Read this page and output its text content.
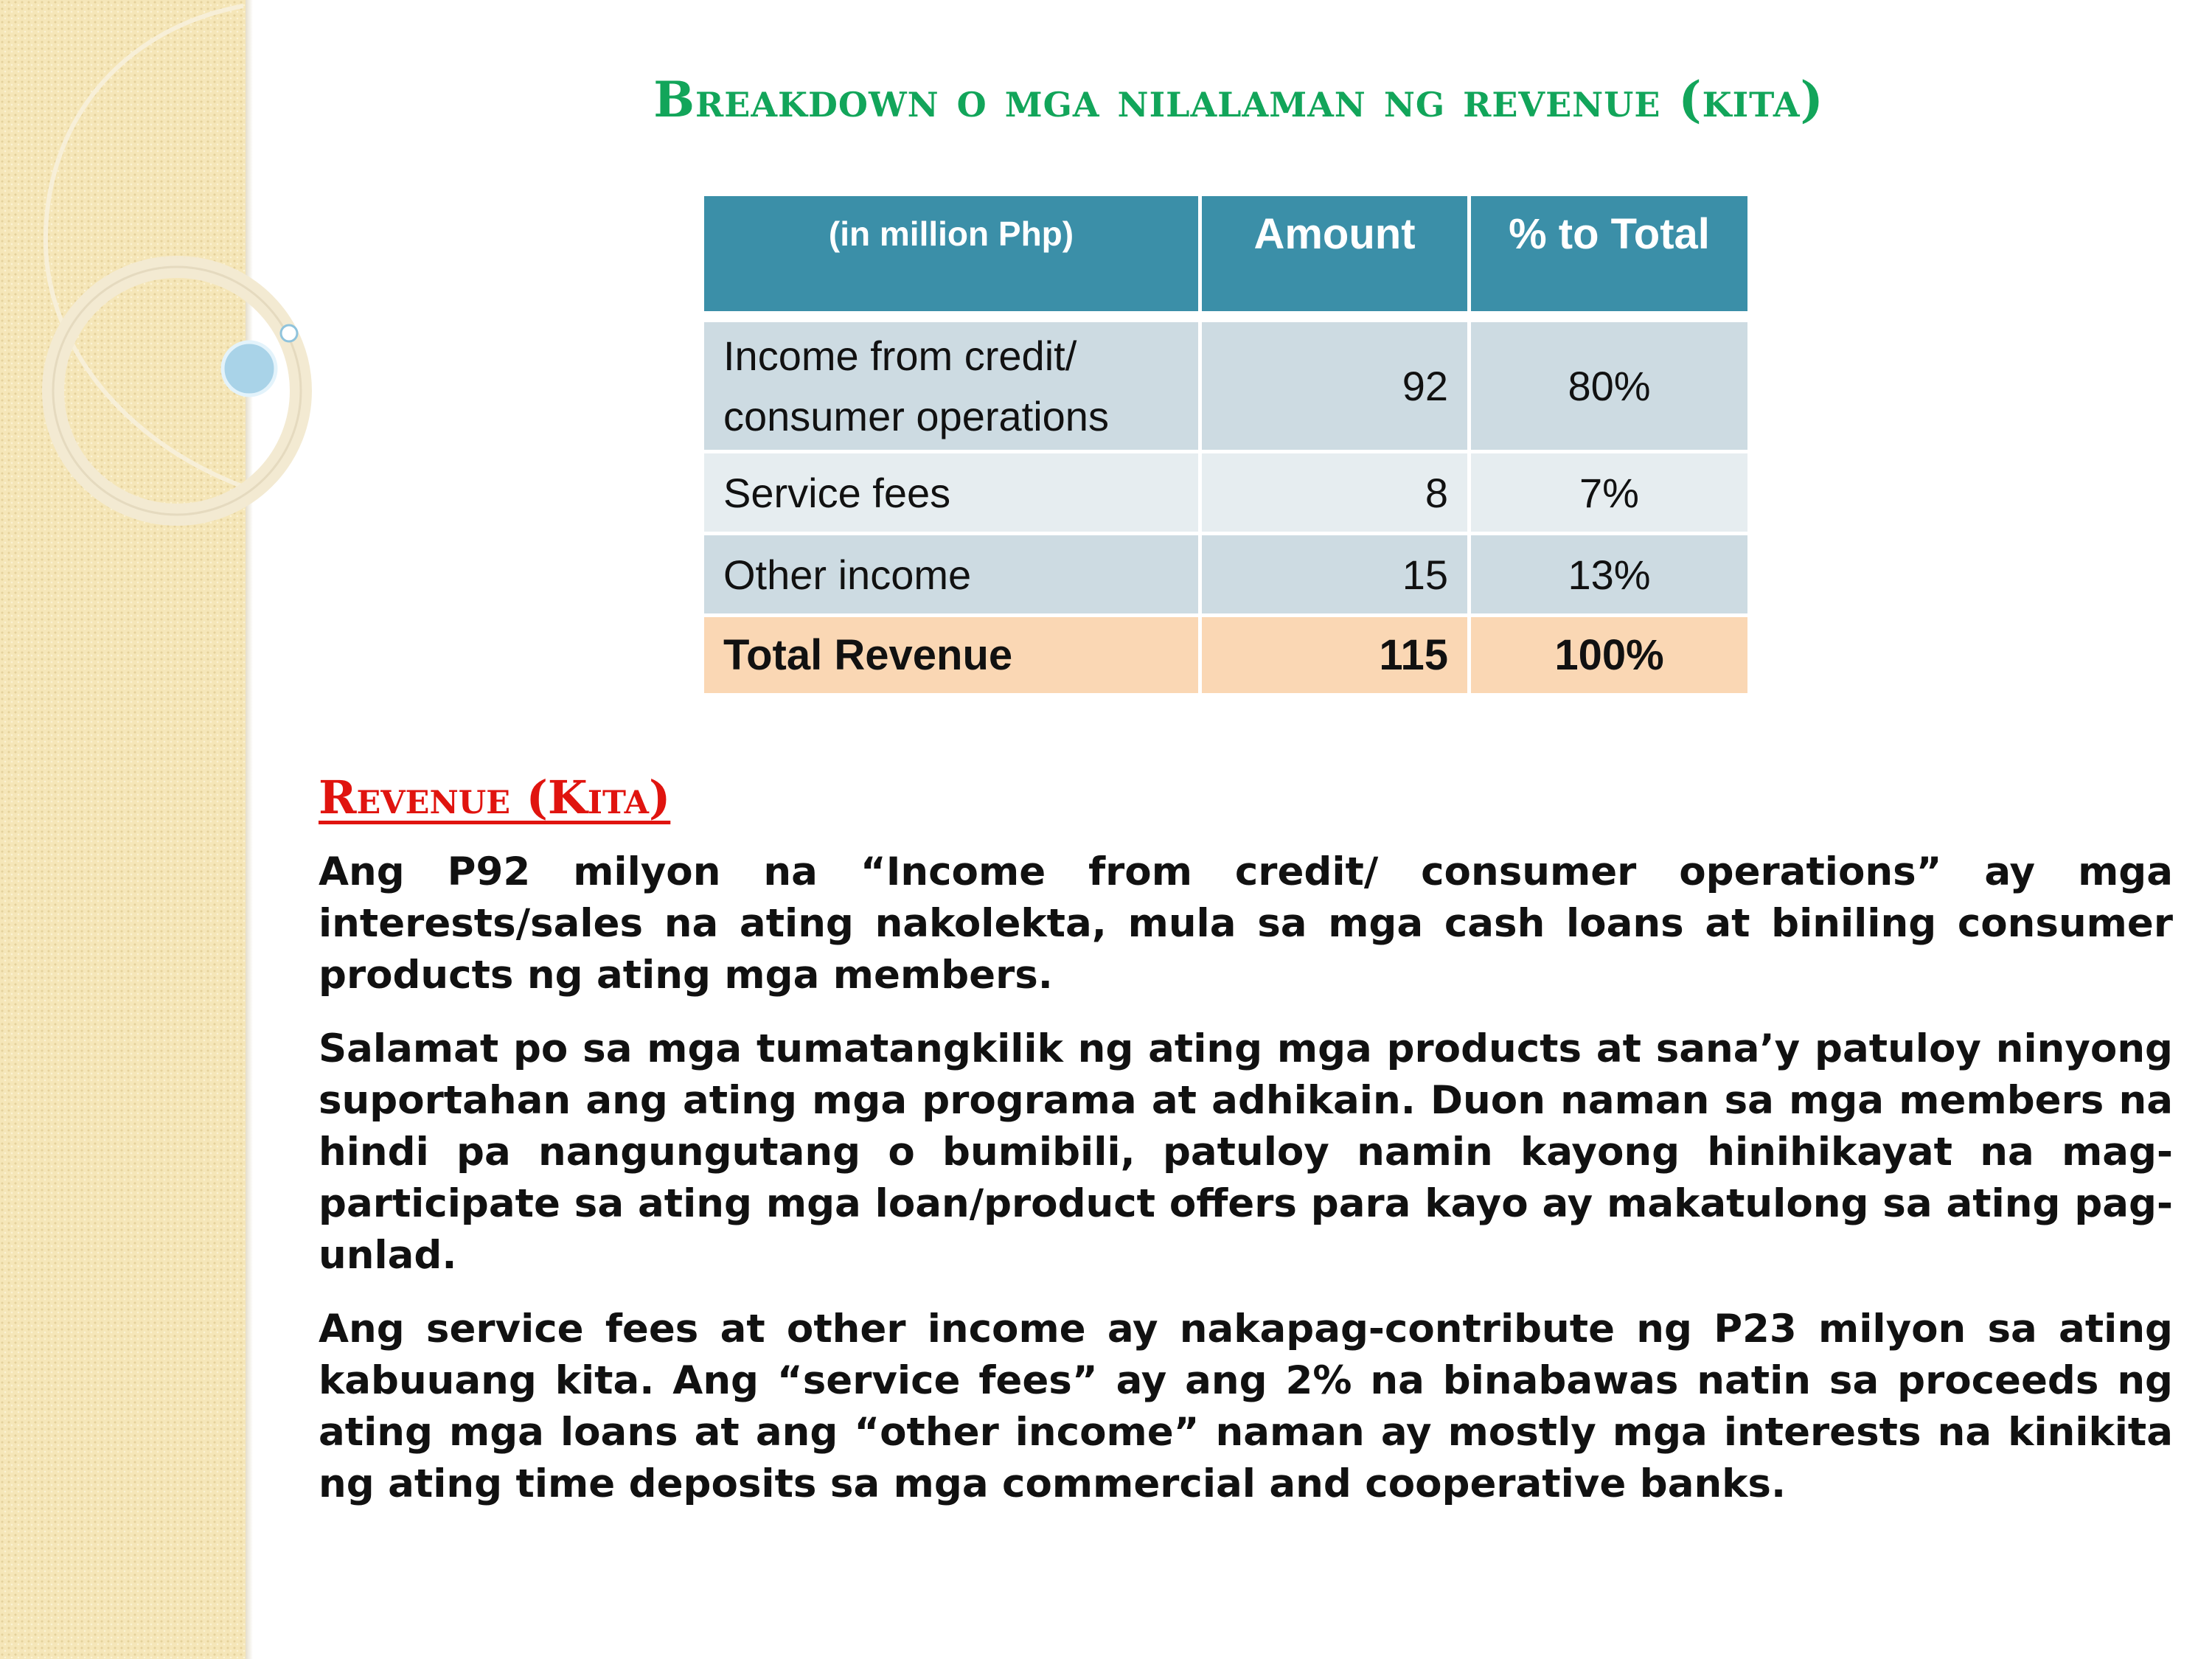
Breakdown o mga nilalaman ng revenue (kita)
(in million Php)	Amount	% to Total
Income from credit/
consumer operations	92	80%
Service fees	8	7%
Other income	15	13%
Total Revenue	115	100%
Revenue (Kita)

Ang P92 milyon na “Income from credit/ consumer operations” ay mga interests/sales na ating nakolekta, mula sa mga cash loans at biniling consumer products ng ating mga members.

Salamat po sa mga tumatangkilik ng ating mga products at sana’y patuloy ninyong suportahan ang ating mga programa at adhikain. Duon naman sa mga members na hindi pa nangungutang o bumibili, patuloy namin kayong hinihikayat na mag-participate sa ating mga loan/product offers para kayo ay makatulong sa ating pag-unlad.

Ang service fees at other income ay nakapag-contribute ng P23 milyon sa ating kabuuang kita. Ang “service fees” ay ang 2% na binabawas natin sa proceeds ng ating mga loans at ang “other income” naman ay mostly mga interests na kinikita ng ating time deposits sa mga commercial and cooperative banks.
